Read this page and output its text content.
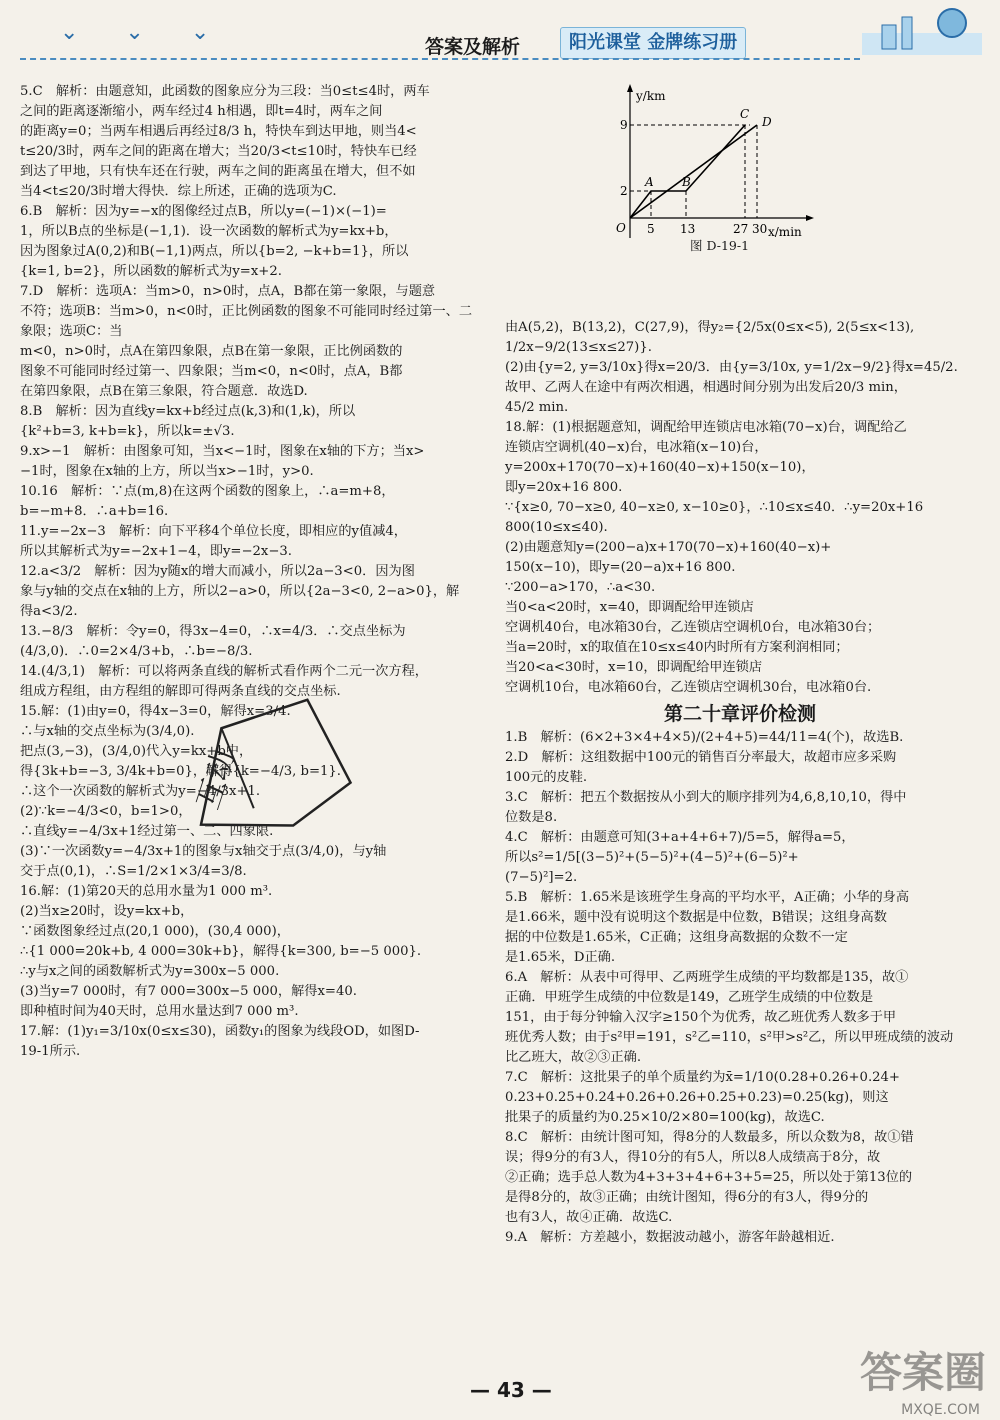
⌄ ⌄ ⌄
答案及解析	阳光课堂 金牌练习册

5.C　解析：由题意知，此函数的图象应分为三段：当0≤t≤4时，两车

之间的距离逐渐缩小，两车经过4 h相遇，即t=4时，两车之间

的距离y=0；当两车相遇后再经过8/3 h，特快车到达甲地，则当4<

t≤20/3时，两车之间的距离在增大；当20/3<t≤10时，特快车已经

到达了甲地，只有快车还在行驶，两车之间的距离虽在增大，但不如

当4<t≤20/3时增大得快．综上所述，正确的选项为C.

6.B　解析：因为y=−x的图像经过点B，所以y=(−1)×(−1)=

1，所以B点的坐标是(−1,1)．设一次函数的解析式为y=kx+b，

因为图象过A(0,2)和B(−1,1)两点，所以{b=2, −k+b=1}，所以

{k=1, b=2}，所以函数的解析式为y=x+2.

7.D　解析：选项A：当m>0，n>0时，点A，B都在第一象限，与题意

不符；选项B：当m>0，n<0时，正比例函数的图象不可能同时经过第一、二象限；选项C：当

m<0，n>0时，点A在第四象限，点B在第一象限，正比例函数的

图象不可能同时经过第一、四象限；当m<0，n<0时，点A，B都

在第四象限，点B在第三象限，符合题意．故选D.

8.B　解析：因为直线y=kx+b经过点(k,3)和(1,k)，所以

{k²+b=3, k+b=k}，所以k=±√3.

9.x>−1　解析：由图象可知，当x<−1时，图象在x轴的下方；当x>

−1时，图象在x轴的上方，所以当x>−1时，y>0.

10.16　解析：∵点(m,8)在这两个函数的图象上，∴a=m+8，

b=−m+8．∴a+b=16.

11.y=−2x−3　解析：向下平移4个单位长度，即相应的y值减4，

所以其解析式为y=−2x+1−4，即y=−2x−3.

12.a<3/2　解析：因为y随x的增大而减小，所以2a−3<0．因为图

象与y轴的交点在x轴的上方，所以2−a>0，所以{2a−3<0, 2−a>0}，解

得a<3/2.

13.−8/3　解析：令y=0，得3x−4=0，∴x=4/3．∴交点坐标为

(4/3,0)．∴0=2×4/3+b，∴b=−8/3.

14.(4/3,1)　解析：可以将两条直线的解析式看作两个二元一次方程，

组成方程组，由方程组的解即可得两条直线的交点坐标.

15.解：(1)由y=0，得4x−3=0，解得x=3/4.

∴与x轴的交点坐标为(3/4,0).

把点(3,−3)，(3/4,0)代入y=kx+b中，

得{3k+b=−3, 3/4k+b=0}，解得{k=−4/3, b=1}.

∴这个一次函数的解析式为y=−4/3x+1.

(2)∵k=−4/3<0，b=1>0，

∴直线y=−4/3x+1经过第一、二、四象限.

(3)∵一次函数y=−4/3x+1的图象与x轴交于点(3/4,0)，与y轴

交于点(0,1)，∴S=1/2×1×3/4=3/8.

16.解：(1)第20天的总用水量为1 000 m³.

(2)当x≥20时，设y=kx+b，

∵函数图象经过点(20,1 000)，(30,4 000)，

∴{1 000=20k+b, 4 000=30k+b}，解得{k=300, b=−5 000}.

∴y与x之间的函数解析式为y=300x−5 000.

(3)当y=7 000时，有7 000=300x−5 000，解得x=40.

即种植时间为40天时，总用水量达到7 000 m³.

17.解：(1)y₁=3/10x(0≤x≤30)，函数y₁的图象为线段OD，如图D-

19-1所示.

y/km
x/min
O
9
2
5 13	27 30
A B
C
D
图 D-19-1

由A(5,2)，B(13,2)，C(27,9)，得y₂={2/5x(0≤x<5), 2(5≤x<13), 1/2x−9/2(13≤x≤27)}.

(2)由{y=2, y=3/10x}得x=20/3．由{y=3/10x, y=1/2x−9/2}得x=45/2.

故甲、乙两人在途中有两次相遇，相遇时间分别为出发后20/3 min，

45/2 min.

18.解：(1)根据题意知，调配给甲连锁店电冰箱(70−x)台，调配给乙

连锁店空调机(40−x)台，电冰箱(x−10)台，

y=200x+170(70−x)+160(40−x)+150(x−10)，

即y=20x+16 800.

∵{x≥0, 70−x≥0, 40−x≥0, x−10≥0}，∴10≤x≤40．∴y=20x+16 800(10≤x≤40).

(2)由题意知y=(200−a)x+170(70−x)+160(40−x)+

150(x−10)，即y=(20−a)x+16 800.

∵200−a>170，∴a<30.

当0<a<20时，x=40，即调配给甲连锁店

空调机40台，电冰箱30台，乙连锁店空调机0台，电冰箱30台；

当a=20时，x的取值在10≤x≤40内时所有方案利润相同；

当20<a<30时，x=10，即调配给甲连锁店

空调机10台，电冰箱60台，乙连锁店空调机30台，电冰箱0台.

第二十章评价检测

1.B　解析：(6×2+3×4+4×5)/(2+4+5)=44/11=4(个)，故选B.

2.D　解析：这组数据中100元的销售百分率最大，故超市应多采购

100元的皮鞋.

3.C　解析：把五个数据按从小到大的顺序排列为4,6,8,10,10，得中

位数是8.

4.C　解析：由题意可知(3+a+4+6+7)/5=5，解得a=5，

所以s²=1/5[(3−5)²+(5−5)²+(4−5)²+(6−5)²+

(7−5)²]=2.

5.B　解析：1.65米是该班学生身高的平均水平，A正确；小华的身高

是1.66米，题中没有说明这个数据是中位数，B错误；这组身高数

据的中位数是1.65米，C正确；这组身高数据的众数不一定

是1.65米，D正确.

6.A　解析：从表中可得甲、乙两班学生成绩的平均数都是135，故①

正确．甲班学生成绩的中位数是149，乙班学生成绩的中位数是

151，由于每分钟输入汉字≥150个为优秀，故乙班优秀人数多于甲

班优秀人数；由于s²甲=191，s²乙=110，s²甲>s²乙，所以甲班成绩的波动

比乙班大，故②③正确.

7.C　解析：这批果子的单个质量约为x̄=1/10(0.28+0.26+0.24+

0.23+0.25+0.24+0.26+0.26+0.25+0.23)=0.25(kg)，则这

批果子的质量约为0.25×10/2×80=100(kg)，故选C.

8.C　解析：由统计图可知，得8分的人数最多，所以众数为8，故①错

误；得9分的有3人，得10分的有5人，所以8人成绩高于8分，故

②正确；选手总人数为4+3+3+4+6+3+5=25，所以处于第13位的

是得8分的，故③正确；由统计图知，得6分的有3人，得9分的

也有3人，故④正确．故选C.

9.A　解析：方差越小，数据波动越小，游客年龄越相近.

互动
— 43 —	答案圈
MXQE.COM
